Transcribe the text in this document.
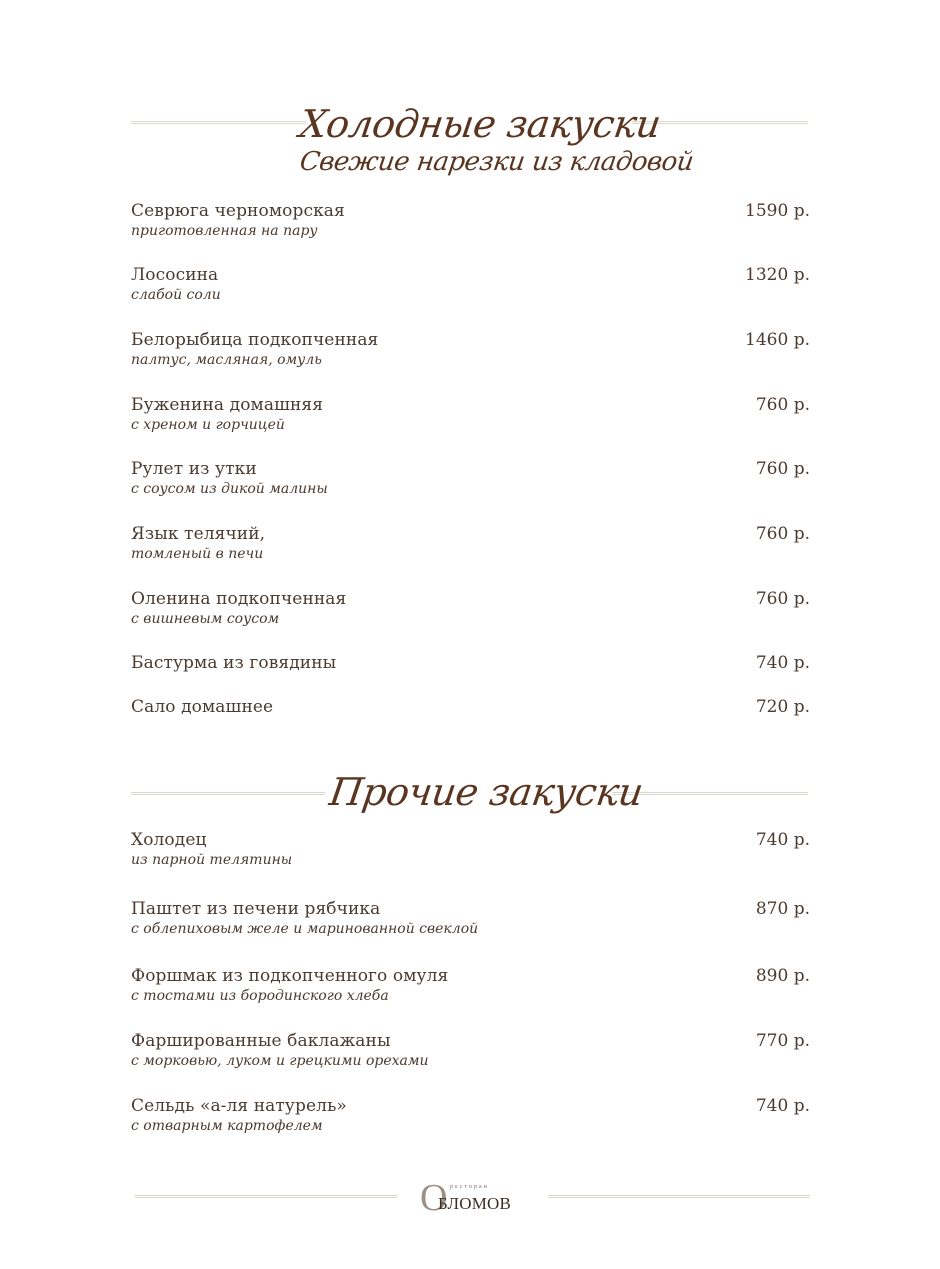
Холодные закуски
Свежие нарезки из кладовой
Севрюга черноморская
приготовленная на пару
1590 р.
Лососина
слабой соли
1320 р.
Белорыбица подкопченная
палтус, масляная, омуль
1460 р.
Буженина домашняя
с хреном и горчицей
760 р.
Рулет из утки
с соусом из дикой малины
760 р.
Язык телячий,
томленый в печи
760 р.
Оленина подкопченная
с вишневым соусом
760 р.
Бастурма из говядины	740 р.
Сало домашнее	720 р.
Прочие закуски
Холодец
из парной телятины
740 р.
Паштет из печени рябчика
с облепиховым желе и маринованной свеклой
870 р.
Форшмак из подкопченного омуля
с тостами из бородинского хлеба
890 р.
Фаршированные баклажаны
с морковью, луком и грецкими орехами
770 р.
Сельдь «а-ля натурель»
с отварным картофелем
740 р.
О ресторан
БЛОМОВ
